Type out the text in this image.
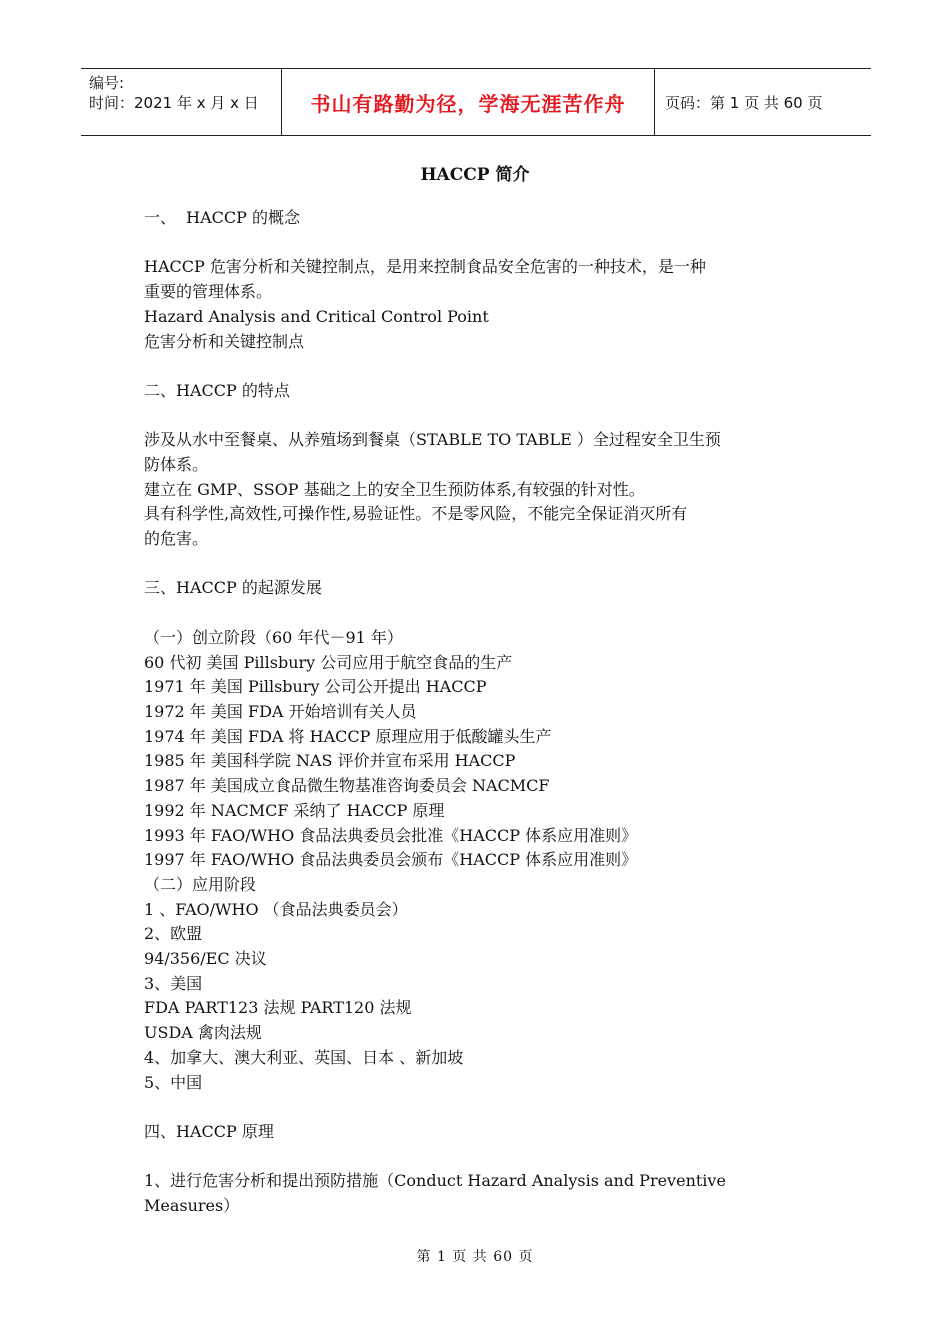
编号:
时间：2021 年 x 月 x 日	书山有路勤为径，学海无涯苦作舟	页码：第 1 页 共 60 页
HACCP 简介

一、  HACCP 的概念

HACCP 危害分析和关键控制点，是用来控制食品安全危害的一种技术，是一种

重要的管理体系。

Hazard Analysis and Critical Control Point

危害分析和关键控制点

二、HACCP 的特点

涉及从水中至餐桌、从养殖场到餐桌（STABLE TO TABLE ）全过程安全卫生预

防体系。

建立在 GMP、SSOP 基础之上的安全卫生预防体系,有较强的针对性。

具有科学性,高效性,可操作性,易验证性。不是零风险，不能完全保证消灭所有

的危害。

三、HACCP 的起源发展

（一）创立阶段（60 年代－91 年）

60 代初 美国 Pillsbury 公司应用于航空食品的生产

1971 年 美国 Pillsbury 公司公开提出 HACCP

1972 年 美国 FDA 开始培训有关人员

1974 年 美国 FDA 将 HACCP 原理应用于低酸罐头生产

1985 年 美国科学院 NAS 评价并宣布采用 HACCP

1987 年 美国成立食品微生物基准咨询委员会 NACMCF

1992 年 NACMCF 采纳了 HACCP 原理

1993 年 FAO/WHO 食品法典委员会批准《HACCP 体系应用准则》

1997 年 FAO/WHO 食品法典委员会颁布《HACCP 体系应用准则》

（二）应用阶段

1 、FAO/WHO （食品法典委员会）

2、欧盟

94/356/EC 决议

3、美国

FDA PART123 法规 PART120 法规

USDA 禽肉法规

4、加拿大、澳大利亚、英国、日本 、新加坡

5、中国

四、HACCP 原理

1、进行危害分析和提出预防措施（Conduct Hazard Analysis and Preventive

Measures）

第 1 页 共 60 页
